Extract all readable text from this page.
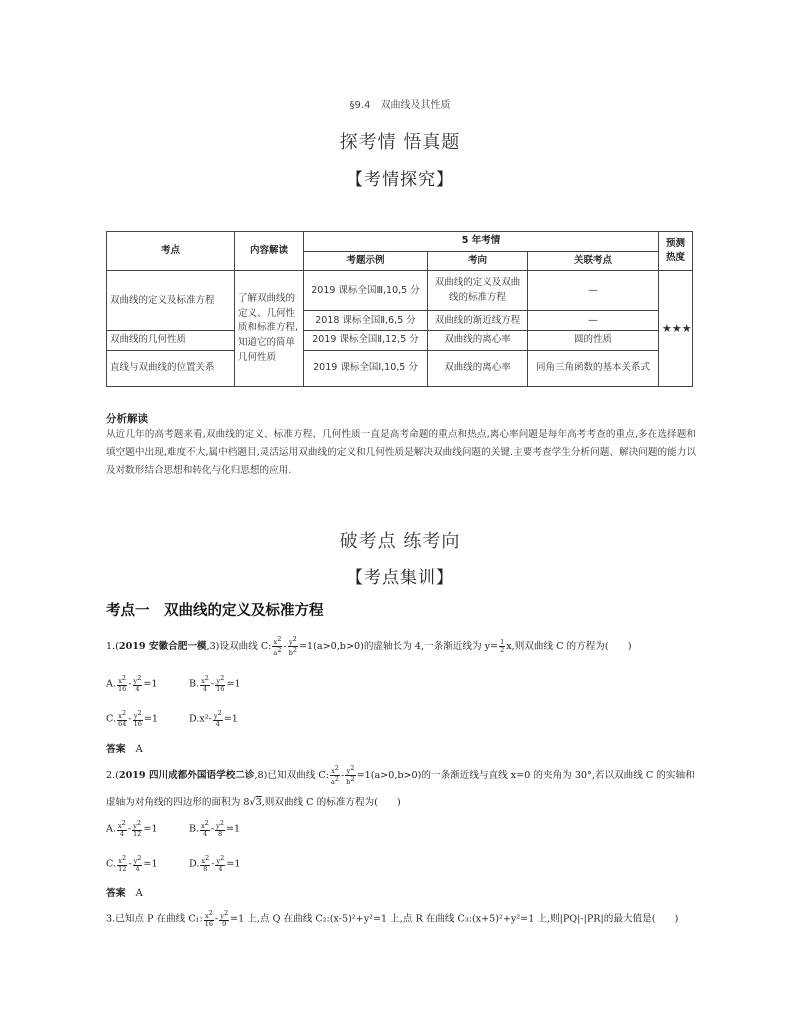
§9.4　双曲线及其性质
探考情 悟真题
【考情探究】
考点	内容解读	5 年考情			预测热度
		考题示例	考向	关联考点	
双曲线的定义及标准方程	了解双曲线的定义、几何性质和标准方程,知道它的简单几何性质	2019 课标全国Ⅲ,10,5 分	双曲线的定义及双曲线的标准方程	—	★★★
		2018 课标全国Ⅱ,6,5 分	双曲线的渐近线方程	—	
双曲线的几何性质		2019 课标全国Ⅱ,12,5 分	双曲线的离心率	圆的性质	
直线与双曲线的位置关系		2019 课标全国Ⅰ,10,5 分	双曲线的离心率	同角三角函数的基本关系式	
分析解读
从近几年的高考题来看,双曲线的定义、标准方程、几何性质一直是高考命题的重点和热点,离心率问题是每年高考考查的重点,多在选择题和填空题中出现,难度不大,属中档题目,灵活运用双曲线的定义和几何性质是解决双曲线问题的关键.主要考查学生分析问题、解决问题的能力以及对数形结合思想和转化与化归思想的应用.
破考点 练考向
【考点集训】
考点一　双曲线的定义及标准方程
1.(2019 安徽合肥一模,3)设双曲线 C: $\frac{x^2}{a^2} - \frac{y^2}{b^2} =1(a>0,b>0)$的虚轴长为 4,一条渐近线为 $y= \frac{1}{2} x$,则双曲线 C 的方程为(　　)
A. $\frac{x^2}{16} - \frac{y^2}{4} =1$	B. $\frac{x^2}{4} - \frac{y^2}{16} =1$
C. $\frac{x^2}{64} - \frac{y^2}{16} =1$	$D.x^2- \frac{y^2}{4} =1$
答案 A
2.(2019 四川成都外国语学校二诊,8)已知双曲线 C: $\frac{x^2}{a^2} - \frac{y^2}{b^2} =1(a>0,b>0)$的一条渐近线与直线 x=0 的夹角为 30°,若以双曲线 C 的实轴和
虚轴为对角线的四边形的面积为 8√3,则双曲线 C 的标准方程为(　　)
A. $\frac{x^2}{4} - \frac{y^2}{12} =1$	B. $\frac{x^2}{4} - \frac{y^2}{8} =1$
C. $\frac{x^2}{12} - \frac{y^2}{4} =1$	D. $\frac{x^2}{8} - \frac{y^2}{4} =1$
答案 A
3.已知点 P 在曲线 C₁: $\frac{x^2}{16} - \frac{y^2}{9} =1$ 上,点 Q 在曲线 C₂:(x-5)²+y²=1 上,点 R 在曲线 C₃:(x+5)²+y²=1 上,则|PQ|-|PR|的最大值是(　　)
